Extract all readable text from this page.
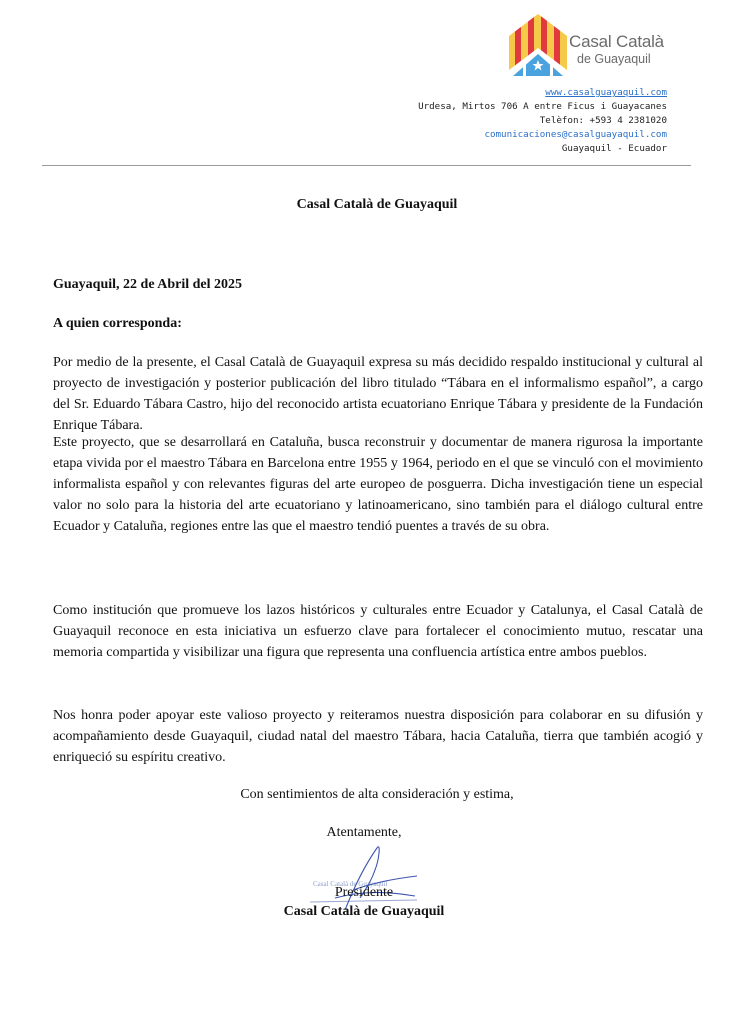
Casal Català
de Guayaquil
www.casalguayaquil.com
Urdesa, Mirtos 706 A entre Ficus i Guayacanes
Telèfon: +593 4 2381020
comunicaciones@casalguayaquil.com
Guayaquil - Ecuador
Casal Català de Guayaquil
Guayaquil, 22 de Abril del 2025
A quien corresponda:
Por medio de la presente, el Casal Català de Guayaquil expresa su más decidido respaldo institucional y cultural al proyecto de investigación y posterior publicación del libro titulado “Tábara en el informalismo español”, a cargo del Sr. Eduardo Tábara Castro, hijo del reconocido artista ecuatoriano Enrique Tábara y presidente de la Fundación Enrique Tábara.
Este proyecto, que se desarrollará en Cataluña, busca reconstruir y documentar de manera rigurosa la importante etapa vivida por el maestro Tábara en Barcelona entre 1955 y 1964, periodo en el que se vinculó con el movimiento informalista español y con relevantes figuras del arte europeo de posguerra. Dicha investigación tiene un especial valor no solo para la historia del arte ecuatoriano y latinoamericano, sino también para el diálogo cultural entre Ecuador y Cataluña, regiones entre las que el maestro tendió puentes a través de su obra.
Como institución que promueve los lazos históricos y culturales entre Ecuador y Catalunya, el Casal Català de Guayaquil reconoce en esta iniciativa un esfuerzo clave para fortalecer el conocimiento mutuo, rescatar una memoria compartida y visibilizar una figura que representa una confluencia artística entre ambos pueblos.
Nos honra poder apoyar este valioso proyecto y reiteramos nuestra disposición para colaborar en su difusión y acompañamiento desde Guayaquil, ciudad natal del maestro Tábara, hacia Cataluña, tierra que también acogió y enriqueció su espíritu creativo.
Con sentimientos de alta consideración y estima,
Atentamente,
Casal Català de Guayaquil
Presidente
Casal Català de Guayaquil
